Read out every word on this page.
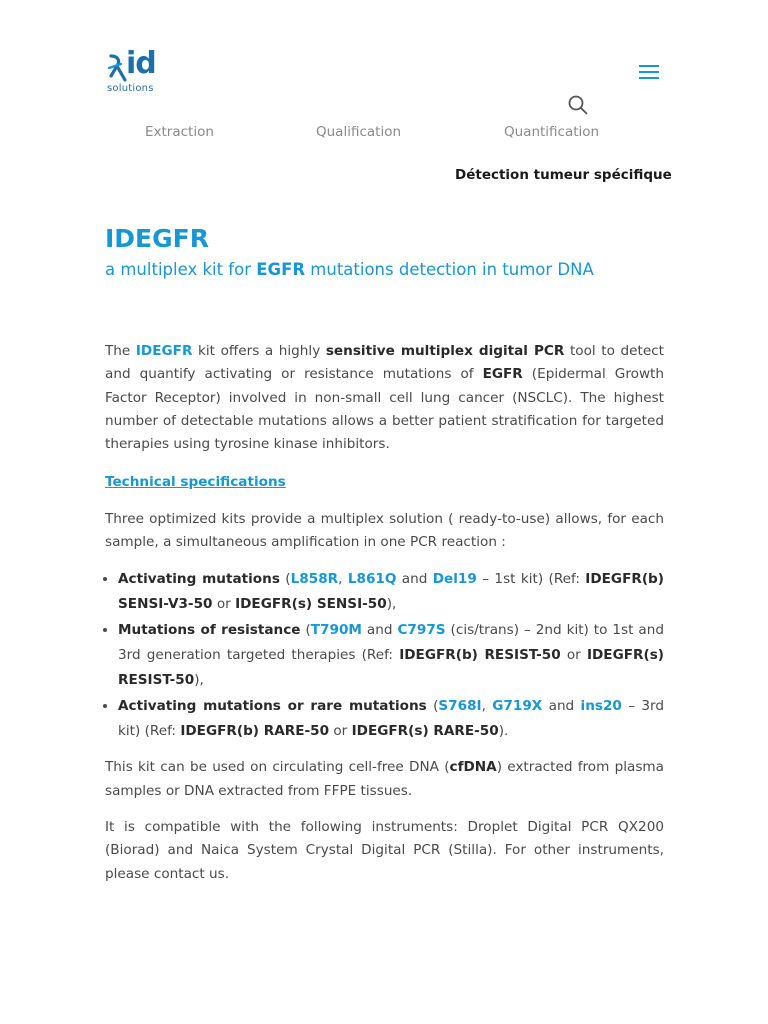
id
solutions
Extraction	Qualification	Quantification
Détection tumeur spécifique
IDEGFR
a multiplex kit for EGFR mutations detection in tumor DNA

The IDEGFR kit offers a highly sensitive multiplex digital PCR tool to detect and quantify activating or resistance mutations of EGFR (Epidermal Growth Factor Receptor) involved in non-small cell lung cancer (NSCLC). The highest number of detectable mutations allows a better patient stratification for targeted therapies using tyrosine kinase inhibitors.

Technical specifications

Three optimized kits provide a multiplex solution ( ready-to-use) allows, for each sample, a simultaneous amplification in one PCR reaction :

• Activating mutations (L858R, L861Q and Del19 – 1st kit) (Ref: IDEGFR(b) SENSI-V3-50 or IDEGFR(s) SENSI-50),
• Mutations of resistance (T790M and C797S (cis/trans) – 2nd kit) to 1st and 3rd generation targeted therapies (Ref: IDEGFR(b) RESIST-50 or IDEGFR(s) RESIST-50),
• Activating mutations or rare mutations (S768I, G719X and ins20 – 3rd kit) (Ref: IDEGFR(b) RARE-50 or IDEGFR(s) RARE-50).

This kit can be used on circulating cell-free DNA (cfDNA) extracted from plasma samples or DNA extracted from FFPE tissues.

It is compatible with the following instruments: Droplet Digital PCR QX200 (Biorad) and Naica System Crystal Digital PCR (Stilla). For other instruments, please contact us.
